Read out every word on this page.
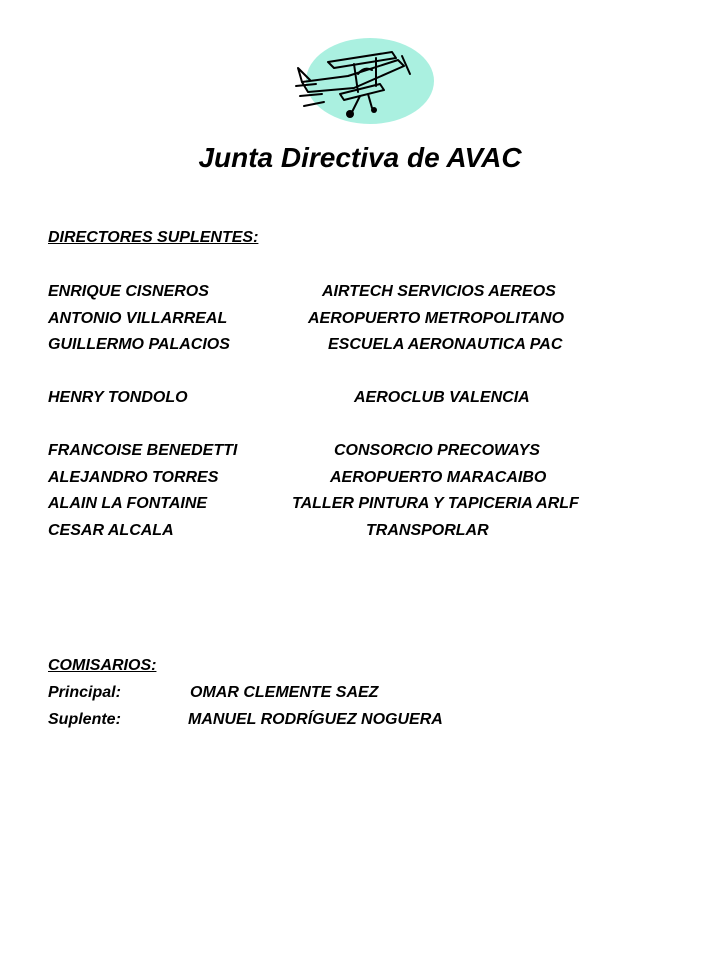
Junta Directiva de AVAC
DIRECTORES SUPLENTES:
ENRIQUE CISNEROS	AIRTECH SERVICIOS AEREOS
ANTONIO VILLARREAL	AEROPUERTO METROPOLITANO
GUILLERMO PALACIOS	ESCUELA AERONAUTICA PAC
HENRY TONDOLO	AEROCLUB VALENCIA
FRANCOISE BENEDETTI	CONSORCIO PRECOWAYS
ALEJANDRO TORRES	AEROPUERTO MARACAIBO
ALAIN LA FONTAINE	TALLER PINTURA Y TAPICERIA ARLF
CESAR ALCALA	TRANSPORLAR
COMISARIOS:
Principal:	OMAR CLEMENTE SAEZ
Suplente:	MANUEL RODRÍGUEZ NOGUERA
